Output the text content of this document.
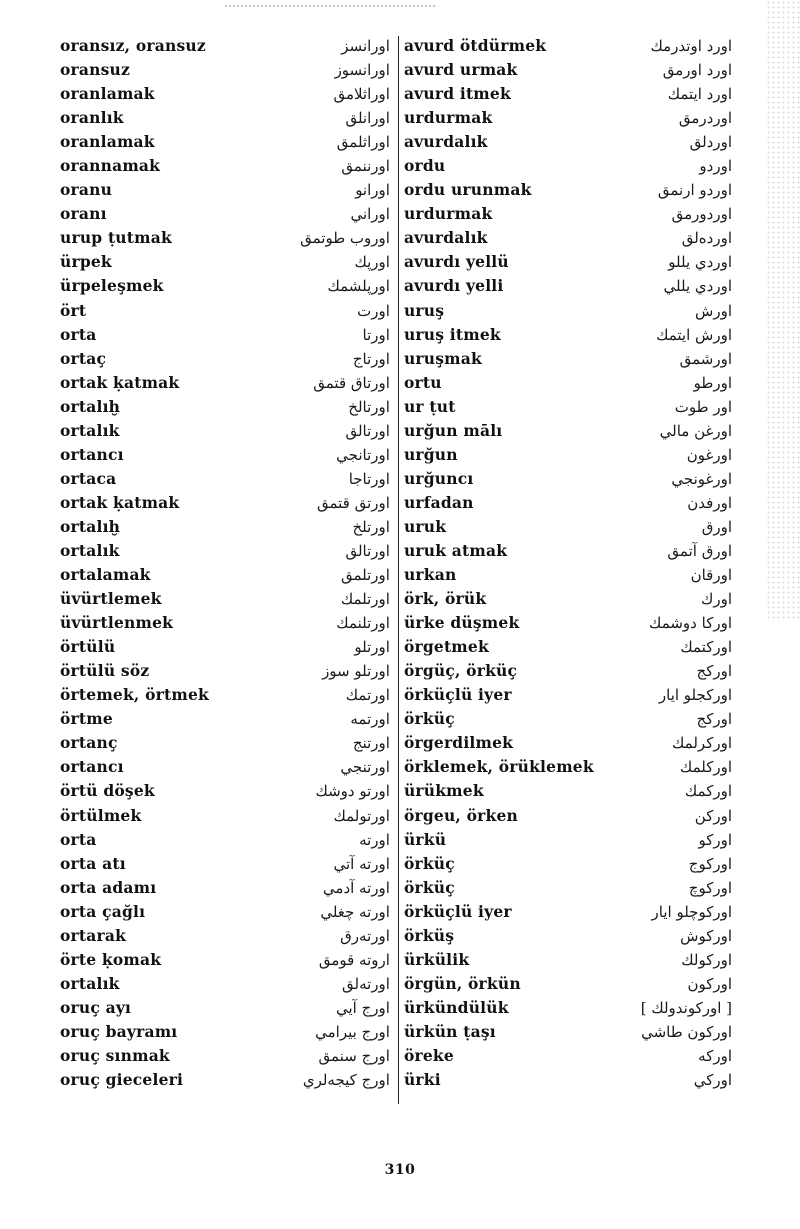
oransız, oransuz	اورانسز
oransuz	اورانسوز
oranlamak	اوراثلامق
oranlık	اورانلق
oranlamak	اوراثلمق
orannamak	اورننمق
oranu	اورانو
oranı	اوراني
urup ṭutmak	اوروب طوتمق
ürpek	اورپك
ürpeleşmek	اورپلشمك
ört	اورت
orta	اورتا
ortaç	اورتاج
ortak ḳatmak	اورتاق قتمق
ortalıḫ	اورتالخ
ortalık	اورتالق
ortancı	اورتانجي
ortaca	اورتاجا
ortak ḳatmak	اورتق قتمق
ortalıḫ	اورتلخ
ortalık	اورتالق
ortalamak	اورتلمق
üvürtlemek	اورتلمك
üvürtlenmek	اورتلنمك
örtülü	اورتلو
örtülü söz	اورتلو سوز
örtemek, örtmek	اورتمك
örtme	اورتمه
ortanç	اورتنج
ortancı	اورتنجي
örtü döşek	اورتو دوشك
örtülmek	اورتولمك
orta	اورته
orta atı	اورته آتي
orta adamı	اورته آدمي
orta çağlı	اورته چغلي
ortarak	اورته‌رق
örte ḳomak	اروته قومق
ortalık	اورته‌لق
oruç ayı	اورج آيي
oruç bayramı	اورج بيرامي
oruç sınmak	اورج سنمق
oruç gieceleri	اورج كيجه‌لري
avurd ötdürmek	اورد اوتدرمك
avurd urmak	اورد اورمق
avurd itmek	اورد ايتمك
urdurmak	اوردرمق
avurdalık	اوردلق
ordu	اوردو
ordu urunmak	اوردو ارنمق
urdurmak	اوردورمق
avurdalık	اورده‌لق
avurdı yellü	اوردي يللو
avurdı yelli	اوردي يللي
uruş	اورش
uruş itmek	اورش ايتمك
uruşmak	اورشمق
ortu	اورطو
ur ṭut	اور طوت
urğun mālı	اورغن مالي
urğun	اورغون
urğuncı	اورغونجي
urfadan	اورفدن
uruk	اورق
uruk atmak	اورق آتمق
urkan	اورقان
örk, örük	اورك
ürke düşmek	اوركا دوشمك
örgetmek	اوركتمك
örgüç, örküç	اوركج
örküçlü iyer	اوركجلو ايار
örküç	اوركج
örgerdilmek	اوركرلمك
örklemek, örüklemek	اوركلمك
ürükmek	اوركمك
örgeu, örken	اوركن
ürkü	اوركو
örküç	اوركوج
örküç	اوركوچ
örküçlü iyer	اوركوچلو ايار
örküş	اوركوش
ürkülik	اوركولك
örgün, örkün	اوركون
ürkündülük	[ اوركوندولك ]
ürkün ṭaşı	اوركون طاشي
öreke	اوركه
ürki	اوركي
310
